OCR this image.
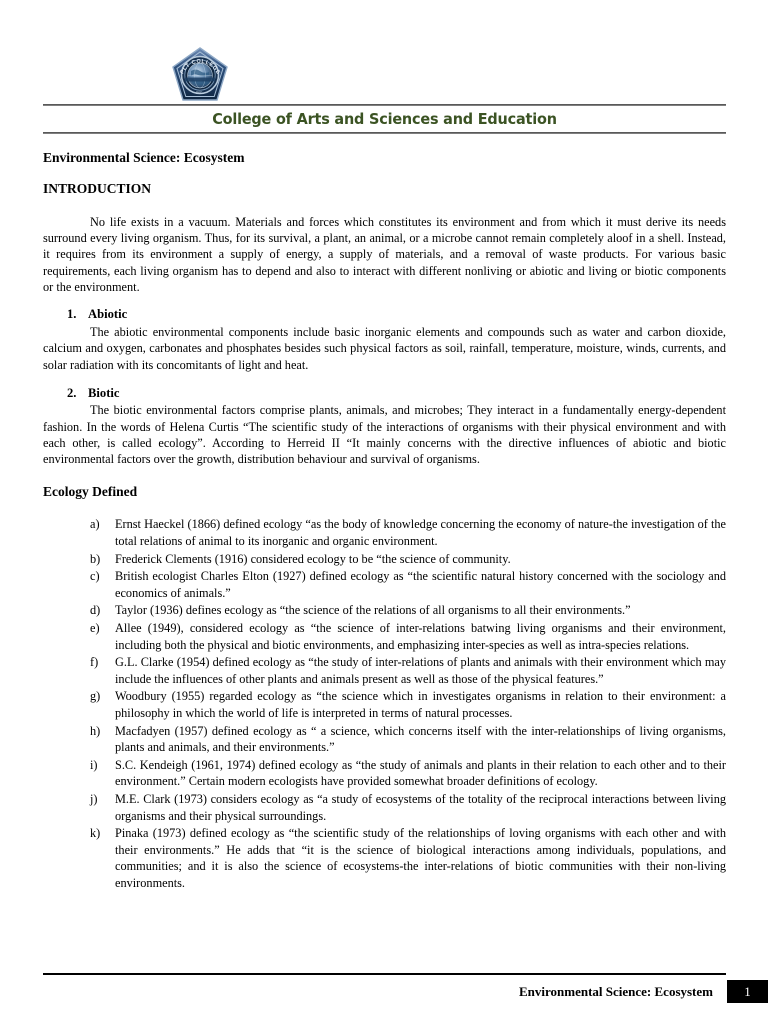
PLT COLLEGE
INC.
College of Arts and Sciences and Education
Environmental Science: Ecosystem
INTRODUCTION

No life exists in a vacuum. Materials and forces which constitutes its environment and from which it must derive its needs surround every living organism. Thus, for its survival, a plant, an animal, or a microbe cannot remain completely aloof in a shell. Instead, it requires from its environment a supply of energy, a supply of materials, and a removal of waste products. For various basic requirements, each living organism has to depend and also to interact with different nonliving or abiotic and living or biotic components or the environment.

1. Abiotic

The abiotic environmental components include basic inorganic elements and compounds such as water and carbon dioxide, calcium and oxygen, carbonates and phosphates besides such physical factors as soil, rainfall, temperature, moisture, winds, currents, and solar radiation with its concomitants of light and heat.

2. Biotic

The biotic environmental factors comprise plants, animals, and microbes; They interact in a fundamentally energy-dependent fashion. In the words of Helena Curtis “The scientific study of the interactions of organisms with their physical environment and with each other, is called ecology”. According to Herreid II “It mainly concerns with the directive influences of abiotic and biotic environmental factors over the growth, distribution behaviour and survival of organisms.

Ecology Defined
a) Ernst Haeckel (1866) defined ecology “as the body of knowledge concerning the economy of nature-the investigation of the total relations of animal to its inorganic and organic environment.
b) Frederick Clements (1916) considered ecology to be “the science of community.
c) British ecologist Charles Elton (1927) defined ecology as “the scientific natural history concerned with the sociology and economics of animals.”
d) Taylor (1936) defines ecology as “the science of the relations of all organisms to all their environments.”
e) Allee (1949), considered ecology as “the science of inter-relations batwing living organisms and their environment, including both the physical and biotic environments, and emphasizing inter-species as well as intra-species relations.
f) G.L. Clarke (1954) defined ecology as “the study of inter-relations of plants and animals with their environment which may include the influences of other plants and animals present as well as those of the physical features.”
g) Woodbury (1955) regarded ecology as “the science which in investigates organisms in relation to their environment: a philosophy in which the world of life is interpreted in terms of natural processes.
h) Macfadyen (1957) defined ecology as “ a science, which concerns itself with the inter-relationships of living organisms, plants and animals, and their environments.”
i) S.C. Kendeigh (1961, 1974) defined ecology as “the study of animals and plants in their relation to each other and to their environment.” Certain modern ecologists have provided somewhat broader definitions of ecology.
j) M.E. Clark (1973) considers ecology as “a study of ecosystems of the totality of the reciprocal interactions between living organisms and their physical surroundings.
k) Pinaka (1973) defined ecology as “the scientific study of the relationships of loving organisms with each other and with their environments.” He adds that “it is the science of biological interactions among individuals, populations, and communities; and it is also the science of ecosystems-the inter-relations of biotic communities with their non-living environments.
Environmental Science: Ecosystem	1
